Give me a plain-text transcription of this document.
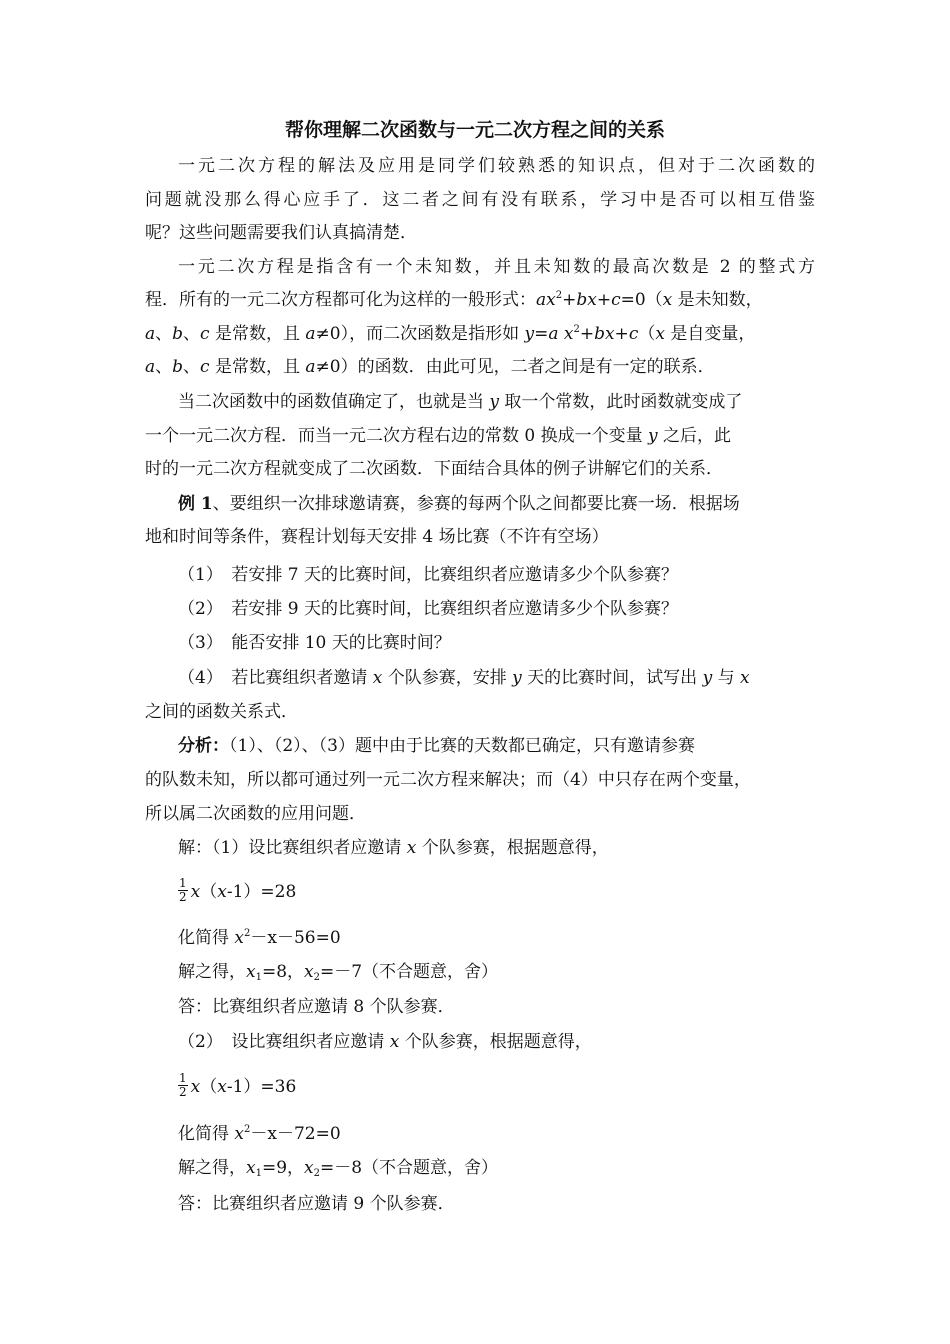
帮你理解二次函数与一元二次方程之间的关系
一元二次方程的解法及应用是同学们较熟悉的知识点，但对于二次函数的
问题就没那么得心应手了．这二者之间有没有联系，学习中是否可以相互借鉴
呢？这些问题需要我们认真搞清楚．
一元二次方程是指含有一个未知数，并且未知数的最高次数是 2 的整式方
程．所有的一元二次方程都可化为这样的一般形式：$ax^2+bx+c=0(x$ 是未知数，
a、b、c 是常数，且 a≠0），而二次函数是指形如 y=a $x^2+bx+c(x$ 是自变量，
a、b、c 是常数，且 a≠0）的函数．由此可见，二者之间是有一定的联系．
当二次函数中的函数值确定了，也就是当 y 取一个常数，此时函数就变成了
一个一元二次方程．而当一元二次方程右边的常数 0 换成一个变量 y 之后，此
时的一元二次方程就变成了二次函数．下面结合具体的例子讲解它们的关系．
例 1、要组织一次排球邀请赛，参赛的每两个队之间都要比赛一场．根据场
地和时间等条件，赛程计划每天安排 4 场比赛（不许有空场）
（1）　若安排 7 天的比赛时间，比赛组织者应邀请多少个队参赛？
（2）　若安排 9 天的比赛时间，比赛组织者应邀请多少个队参赛？
（3）　能否安排 10 天的比赛时间？
（4）　若比赛组织者邀请 x 个队参赛，安排 y 天的比赛时间，试写出 y 与 x
之间的函数关系式．
分析：（1）、（2）、（3）题中由于比赛的天数都已确定，只有邀请参赛
的队数未知，所以都可通过列一元二次方程来解决；而（4）中只存在两个变量，
所以属二次函数的应用问题．
解：（1）设比赛组织者应邀请 x 个队参赛，根据题意得，
$\frac{1}{2} x(x-1)=28$
化简得 $x^2-x-56=0$
解之得，$x_1=8$，$x_2=-7$（不合题意，舍）
答：比赛组织者应邀请 8 个队参赛．
（2）　设比赛组织者应邀请 x 个队参赛，根据题意得，
$\frac{1}{2} x(x-1)=36$
化简得 $x^2-x-72=0$
解之得，$x_1=9$，$x_2=-8$（不合题意，舍）
答：比赛组织者应邀请 9 个队参赛．
